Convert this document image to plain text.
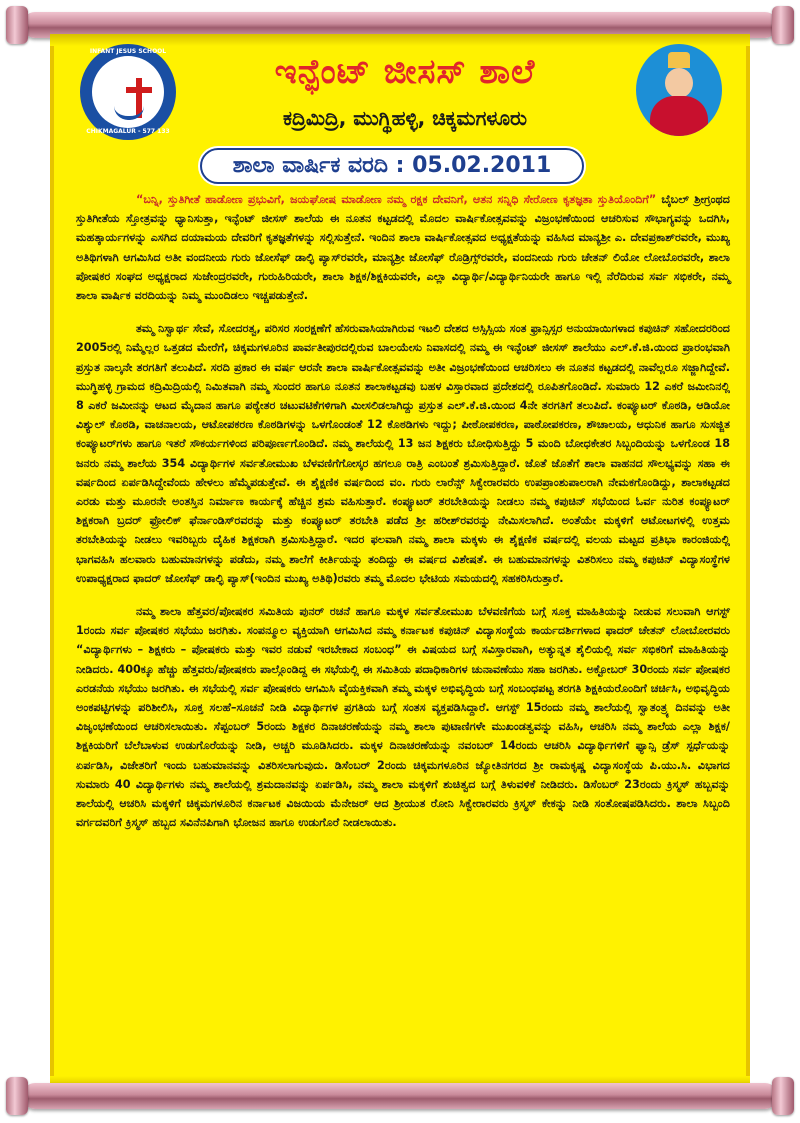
INFANT JESUS SCHOOL
CHIKMAGALUR - 577 133
ಇನ್ಫೆಂಟ್ ಜೀಸಸ್ ಶಾಲೆ
ಕದ್ರಿಮಿದ್ರಿ, ಮುಗ್ಥಿಹಳ್ಳಿ, ಚಿಕ್ಕಮಗಳೂರು
ಶಾಲಾ ವಾರ್ಷಿಕ ವರದಿ : 05.02.2011

“ಬನ್ನಿ, ಸ್ತುತಿಗೀತೆ ಹಾಡೋಣ ಪ್ರಭುವಿಗೆ, ಜಯಘೋಷ ಮಾಡೋಣ ನಮ್ಮ ರಕ್ಷಕ ದೇವನಿಗೆ, ಆತನ ಸನ್ನಿಧಿ ಸೇರೋಣ ಕೃತಜ್ಞತಾ ಸ್ತುತಿಯೊಂದಿಗೆ” ಬೈಬಲ್ ಶ್ರೀಗ್ರಂಥದ ಸ್ತುತಿಗೀತೆಯ ಸ್ತೋತ್ರವನ್ನು ಧ್ಯಾನಿಸುತ್ತಾ, ಇನ್ಫೆಂಟ್ ಜೀಸಸ್ ಶಾಲೆಯ ಈ ನೂತನ ಕಟ್ಟಡದಲ್ಲಿ ಮೊದಲ ವಾರ್ಷಿಕೋತ್ಸವವನ್ನು ವಿಜ್ರಂಭಣೆಯಿಂದ ಆಚರಿಸುವ ಸೌಭಾಗ್ಯವನ್ನು ಒದಗಿಸಿ, ಮಹತ್ಕಾರ್ಯಗಳನ್ನು ಎಸಗಿದ ದಯಾಮಯ ದೇವರಿಗೆ ಕೃತಜ್ಞತೆಗಳನ್ನು ಸಲ್ಲಿಸುತ್ತೇನೆ. ಇಂದಿನ ಶಾಲಾ ವಾರ್ಷಿಕೋತ್ಸವದ ಅಧ್ಯಕ್ಷತೆಯನ್ನು ವಹಿಸಿದ ಮಾನ್ಯಶ್ರೀ ಎ. ದೇವಪ್ರಕಾಶ್‌ರವರೇ, ಮುಖ್ಯ ಅತಿಥಿಗಳಾಗಿ ಆಗಮಿಸಿದ ಅತೀ ವಂದನೀಯ ಗುರು ಜೋಸೆಫ್ ಡಾಲ್ಫಿ ಪ್ಯಾಸ್‌ರವರೇ, ಮಾನ್ಯಶ್ರೀ ಜೋಸೆಫ್ ರೊಡ್ರಿಗ್ಸ್‌ರವರೇ, ವಂದನೀಯ ಗುರು ಚೇತನ್ ಲಿಯೋ ಲೋಬೊರವರೇ, ಶಾಲಾ ಪೋಷಕರ ಸಂಘದ ಅಧ್ಯಕ್ಷರಾದ ಸುಜೇಂದ್ರರವರೇ, ಗುರುಹಿರಿಯರೇ, ಶಾಲಾ ಶಿಕ್ಷಕ/ಶಿಕ್ಷಕಿಯವರೇ, ಎಲ್ಲಾ ವಿದ್ಯಾರ್ಥಿ/ವಿದ್ಯಾರ್ಥಿನಿಯರೇ ಹಾಗೂ ಇಲ್ಲಿ ನೆರೆದಿರುವ ಸರ್ವ ಸಭಿಕರೇ, ನಮ್ಮ ಶಾಲಾ ವಾರ್ಷಿಕ ವರದಿಯನ್ನು ನಿಮ್ಮ ಮುಂದಿಡಲು ಇಚ್ಚಪಡುತ್ತೇನೆ.

ತಮ್ಮ ನಿಸ್ವಾರ್ಥ ಸೇವೆ, ಸೋದರತ್ವ, ಪರಿಸರ ಸಂರಕ್ಷಣೆಗೆ ಹೆಸರುವಾಸಿಯಾಗಿರುವ ಇಟಲಿ ದೇಶದ ಅಸ್ಸಿಸ್ಸಿಯ ಸಂತ ಫ್ರಾನ್ಸಿಸ್ಸರ ಅನುಯಾಯಿಗಳಾದ ಕಪುಚಿನ್ ಸಹೋದರರಿಂದ 2005ರಲ್ಲಿ ನಿಮ್ಮೆಲ್ಲರ ಒತ್ತಡದ ಮೇರೆಗೆ, ಚಿಕ್ಕಮಗಳೂರಿನ ಪಾರ್ವತೀಪುರದಲ್ಲಿರುವ ಬಾಲಯೇಸು ನಿವಾಸದಲ್ಲಿ ನಮ್ಮ ಈ ಇನ್ಫೆಂಟ್ ಜೀಸಸ್ ಶಾಲೆಯು ಎಲ್.ಕೆ.ಜಿ.ಯಿಂದ ಪ್ರಾರಂಭವಾಗಿ ಪ್ರಸ್ತುತ ನಾಲ್ಕನೇ ತರಗತಿಗೆ ತಲುಪಿದೆ. ಸರದಿ ಪ್ರಕಾರ ಈ ವರ್ಷ ಆರನೇ ಶಾಲಾ ವಾರ್ಷಿಕೋತ್ಸವವನ್ನು ಅತೀ ವಿಜ್ರಂಭಣೆಯಿಂದ ಆಚರಿಸಲು ಈ ನೂತನ ಕಟ್ಟಡದಲ್ಲಿ ನಾವೆಲ್ಲರೂ ಸಜ್ಜಾಗಿದ್ದೇವೆ. ಮುಗ್ಥಿಹಳ್ಳಿ ಗ್ರಾಮದ ಕದ್ರಿಮಿದ್ರಿಯಲ್ಲಿ ನಿಮಿತವಾಗಿ ನಮ್ಮ ಸುಂದರ ಹಾಗೂ ನೂತನ ಶಾಲಾಕಟ್ಟಡವು ಬಹಳ ವಿಸ್ತಾರವಾದ ಪ್ರದೇಶದಲ್ಲಿ ರೂಪಿತಗೊಂಡಿದೆ. ಸುಮಾರು 12 ಎಕರೆ ಜಮೀನಿನಲ್ಲಿ 8 ಎಕರೆ ಜಮೀನನ್ನು ಆಟದ ಮೈದಾನ ಹಾಗೂ ಪಠ್ಯೇತರ ಚಟುವಟಿಕೆಗಳಿಗಾಗಿ ಮೀಸಲಿಡಲಾಗಿದ್ದು ಪ್ರಸ್ತುತ ಎಲ್.ಕೆ.ಜಿ.ಯಿಂದ 4ನೇ ತರಗತಿಗೆ ತಲುಪಿದೆ. ಕಂಪ್ಯೂಟರ್ ಕೊಠಡಿ, ಆಡಿಯೋ ವಿಶ್ಯುಲ್ ಕೊಠಡಿ, ವಾಚನಾಲಯ, ಆಟೋಪಕರಣ ಕೊಠಡಿಗಳನ್ನು ಒಳಗೊಂಡಂತೆ 12 ಕೊಠಡಿಗಳು ಇದ್ದು; ಪೀಠೋಪಕರಣ, ಪಾಠೋಪಕರಣ, ಶೌಚಾಲಯ, ಆಧುನಿಕ ಹಾಗೂ ಸುಸಜ್ಜಿತ ಕಂಪ್ಯೂಟರ್‌ಗಳು ಹಾಗೂ ಇತರೆ ಸೌಕರ್ಯಗಳಿಂದ ಪರಿಪೂರ್ಣಗೊಂಡಿದೆ. ನಮ್ಮ ಶಾಲೆಯಲ್ಲಿ 13 ಜನ ಶಿಕ್ಷಕರು ಬೋಧಿಸುತ್ತಿದ್ದು 5 ಮಂದಿ ಬೋಧಕೇತರ ಸಿಬ್ಬಂದಿಯನ್ನು ಒಳಗೊಂಡ 18 ಜನರು ನಮ್ಮ ಶಾಲೆಯ 354 ವಿದ್ಯಾರ್ಥಿಗಳ ಸರ್ವತೋಮುಖ ಬೆಳವಣಿಗೆಗೋಸ್ಕರ ಹಗಲೂ ರಾತ್ರಿ ಎಂಬಂತೆ ಶ್ರಮಿಸುತ್ತಿದ್ದಾರೆ. ಜೊತೆ ಜೊತೆಗೆ ಶಾಲಾ ವಾಹನದ ಸೌಲಭ್ಯವನ್ನು ಸಹಾ ಈ ವರ್ಷದಿಂದ ಏರ್ಪಡಿಸಿದ್ದೇವೆಂದು ಹೇಳಲು ಹೆಮ್ಮೆಪಡುತ್ತೇವೆ. ಈ ಶೈಕ್ಷಣಿಕ ವರ್ಷದಿಂದ ವಂ. ಗುರು ಲಾರೆನ್ಸ್ ಸಿಕ್ವೇರಾರವರು ಉಪಪ್ರಾಂಶುಪಾಲರಾಗಿ ನೇಮಕಗೊಂಡಿದ್ದು, ಶಾಲಾಕಟ್ಟಡದ ಎರಡು ಮತ್ತು ಮೂರನೇ ಅಂತಸ್ತಿನ ನಿರ್ಮಾಣ ಕಾರ್ಯಕ್ಕೆ ಹೆಚ್ಚಿನ ಶ್ರಮ ವಹಿಸುತ್ತಾರೆ. ಕಂಪ್ಯೂಟರ್ ತರಬೇತಿಯನ್ನು ನೀಡಲು ನಮ್ಮ ಕಪುಚಿನ್ ಸಭೆಯಿಂದ ಓರ್ವ ನುರಿತ ಕಂಪ್ಯೂಟರ್ ಶಿಕ್ಷಕರಾಗಿ ಬ್ರದರ್ ಫ್ರೋಲಿಕ್ ಫೆರ್ನಾಂಡಿಸ್‌ರವರನ್ನು ಮತ್ತು ಕಂಪ್ಯೂಟರ್ ತರಬೇತಿ ಪಡೆದ ಶ್ರೀ ಹರೀಶ್‌ರವರನ್ನು ನೇಮಿಸಲಾಗಿದೆ. ಅಂತೆಯೇ ಮಕ್ಕಳಿಗೆ ಆಟೋಟಗಳಲ್ಲಿ ಉತ್ತಮ ತರಬೇತಿಯನ್ನು ನೀಡಲು ಇವರಿಬ್ಬರು ದೈಹಿಕ ಶಿಕ್ಷಕರಾಗಿ ಶ್ರಮಿಸುತ್ತಿದ್ದಾರೆ. ಇದರ ಫಲವಾಗಿ ನಮ್ಮ ಶಾಲಾ ಮಕ್ಕಳು ಈ ಶೈಕ್ಷಣಿಕ ವರ್ಷದಲ್ಲಿ ವಲಯ ಮಟ್ಟದ ಪ್ರತಿಭಾ ಕಾರಂಜಿಯಲ್ಲಿ ಭಾಗವಹಿಸಿ ಹಲವಾರು ಬಹುಮಾನಗಳನ್ನು ಪಡೆದು, ನಮ್ಮ ಶಾಲೆಗೆ ಕೀರ್ತಿಯನ್ನು ತಂದಿದ್ದು ಈ ವರ್ಷದ ವಿಶೇಷತೆ. ಈ ಬಹುಮಾನಗಳನ್ನು ವಿತರಿಸಲು ನಮ್ಮ ಕಪುಚಿನ್ ವಿದ್ಯಾಸಂಸ್ಥೆಗಳ ಉಪಾಧ್ಯಕ್ಷರಾದ ಫಾದರ್ ಜೋಸೆಫ್ ಡಾಲ್ಫಿ ಪ್ಯಾಸ್(ಇಂದಿನ ಮುಖ್ಯ ಅತಿಥಿ)ರವರು ತಮ್ಮ ಮೊದಲ ಭೇಟಿಯ ಸಮಯದಲ್ಲಿ ಸಹಕರಿಸಿರುತ್ತಾರೆ.

ನಮ್ಮ ಶಾಲಾ ಹೆತ್ತವರ/ಪೋಷಕರ ಸಮಿತಿಯ ಪುನರ್ ರಚನೆ ಹಾಗೂ ಮಕ್ಕಳ ಸರ್ವತೋಮುಖ ಬೆಳವಣಿಗೆಯ ಬಗ್ಗೆ ಸೂಕ್ತ ಮಾಹಿತಿಯನ್ನು ನೀಡುವ ಸಲುವಾಗಿ ಆಗಸ್ಟ್ 1ರಂದು ಸರ್ವ ಪೋಷಕರ ಸಭೆಯು ಜರಗಿತು. ಸಂಪನ್ಮೂಲ ವ್ಯಕ್ತಿಯಾಗಿ ಆಗಮಿಸಿದ ನಮ್ಮ ಕರ್ನಾಟಕ ಕಪುಚಿನ್ ವಿದ್ಯಾಸಂಸ್ಥೆಯ ಕಾರ್ಯದರ್ಶಿಗಳಾದ ಫಾದರ್ ಚೇತನ್ ಲೋಬೋರವರು “ವಿದ್ಯಾರ್ಥಿಗಳು – ಶಿಕ್ಷಕರು – ಪೋಷಕರು ಮತ್ತು ಇವರ ನಡುವೆ ಇರಬೇಕಾದ ಸಂಬಂಧ” ಈ ವಿಷಯದ ಬಗ್ಗೆ ಸವಿಸ್ತಾರವಾಗಿ, ಅತ್ಯುನ್ನತ ಶೈಲಿಯಲ್ಲಿ ಸರ್ವ ಸಭಿಕರಿಗೆ ಮಾಹಿತಿಯನ್ನು ನೀಡಿದರು. 400ಕ್ಕೂ ಹೆಚ್ಚು ಹೆತ್ತವರು/ಪೋಷಕರು ಪಾಲ್ಗೊಂಡಿದ್ದ ಈ ಸಭೆಯಲ್ಲಿ ಈ ಸಮಿತಿಯ ಪದಾಧಿಕಾರಿಗಳ ಚುನಾವಣೆಯು ಸಹಾ ಜರಗಿತು. ಅಕ್ಟೋಬರ್ 30ರಂದು ಸರ್ವ ಪೋಷಕರ ಎರಡನೆಯ ಸಭೆಯು ಜರಗಿತು. ಈ ಸಭೆಯಲ್ಲಿ ಸರ್ವ ಪೋಷಕರು ಆಗಮಿಸಿ ವೈಯಕ್ತಿಕವಾಗಿ ತಮ್ಮ ಮಕ್ಕಳ ಅಭಿವೃದ್ಧಿಯ ಬಗ್ಗೆ ಸಂಬಂಧಪಟ್ಟ ತರಗತಿ ಶಿಕ್ಷಕಿಯರೊಂದಿಗೆ ಚರ್ಚಿಸಿ, ಅಭಿವೃದ್ಧಿಯ ಅಂಕಪಟ್ಟಿಗಳನ್ನು ಪರಿಶೀಲಿಸಿ, ಸೂಕ್ತ ಸಲಹೆ–ಸೂಚನೆ ನೀಡಿ ವಿದ್ಯಾರ್ಥಿಗಳ ಪ್ರಗತಿಯ ಬಗ್ಗೆ ಸಂತಸ ವ್ಯಕ್ತಪಡಿಸಿದ್ದಾರೆ. ಆಗಸ್ಟ್ 15ರಂದು ನಮ್ಮ ಶಾಲೆಯಲ್ಲಿ ಸ್ವಾತಂತ್ರ್ಯ ದಿನವನ್ನು ಅತೀ ವಿಜೃಂಭಣೆಯಿಂದ ಆಚರಿಸಲಾಯಿತು. ಸೆಪ್ಟಂಬರ್ 5ರಂದು ಶಿಕ್ಷಕರ ದಿನಾಚರಣೆಯನ್ನು ನಮ್ಮ ಶಾಲಾ ಪುಟಾಣಿಗಳೇ ಮುಖಂಡತ್ವವನ್ನು ವಹಿಸಿ, ಆಚರಿಸಿ ನಮ್ಮ ಶಾಲೆಯ ಎಲ್ಲಾ ಶಿಕ್ಷಕ/ಶಿಕ್ಷಕಿಯರಿಗೆ ಬೆಲೆಬಾಳುವ ಉಡುಗೊರೆಯನ್ನು ನೀಡಿ, ಅಚ್ಚರಿ ಮೂಡಿಸಿದರು. ಮಕ್ಕಳ ದಿನಾಚರಣೆಯನ್ನು ನವಂಬರ್ 14ರಂದು ಆಚರಿಸಿ ವಿದ್ಯಾರ್ಥಿಗಳಿಗೆ ಫ್ಯಾನ್ಸಿ ಡ್ರೆಸ್ ಸ್ಪರ್ಧೆಯನ್ನು ಏರ್ಪಡಿಸಿ, ವಿಜೇತರಿಗೆ ಇಂದು ಬಹುಮಾನವನ್ನು ವಿತರಿಸಲಾಗುವುದು. ಡಿಸೆಂಬರ್ 2ರಂದು ಚಿಕ್ಕಮಗಳೂರಿನ ಜ್ಯೋತಿನಗರದ ಶ್ರೀ ರಾಮಕೃಷ್ಣ ವಿದ್ಯಾಸಂಸ್ಥೆಯ ಪಿ.ಯು.ಸಿ. ವಿಭಾಗದ ಸುಮಾರು 40 ವಿದ್ಯಾರ್ಥಿಗಳು ನಮ್ಮ ಶಾಲೆಯಲ್ಲಿ ಶ್ರಮದಾನವನ್ನು ಏರ್ಪಡಿಸಿ, ನಮ್ಮ ಶಾಲಾ ಮಕ್ಕಳಿಗೆ ಶುಚಿತ್ವದ ಬಗ್ಗೆ ತಿಳುವಳಿಕೆ ನೀಡಿದರು. ಡಿಸೆಂಬರ್ 23ರಂದು ಕ್ರಿಸ್ಮಸ್ ಹಬ್ಬವನ್ನು ಶಾಲೆಯಲ್ಲಿ ಆಚರಿಸಿ ಮಕ್ಕಳಿಗೆ ಚಿಕ್ಕಮಗಳೂರಿನ ಕರ್ನಾಟಕ ವಿಜಯಿಯ ಮೆನೇಜರ್ ಆದ ಶ್ರೀಯುತ ರೋನಿ ಸಿಕ್ವೇರಾರವರು ಕ್ರಿಸ್ಮಸ್ ಕೇಕನ್ನು ನೀಡಿ ಸಂತೋಷಪಡಿಸಿದರು. ಶಾಲಾ ಸಿಬ್ಬಂದಿ ವರ್ಗದವರಿಗೆ ಕ್ರಿಸ್ಮಸ್ ಹಬ್ಬದ ಸವಿನೆನಪಿಗಾಗಿ ಭೋಜನ ಹಾಗೂ ಉಡುಗೊರೆ ನೀಡಲಾಯಿತು.
